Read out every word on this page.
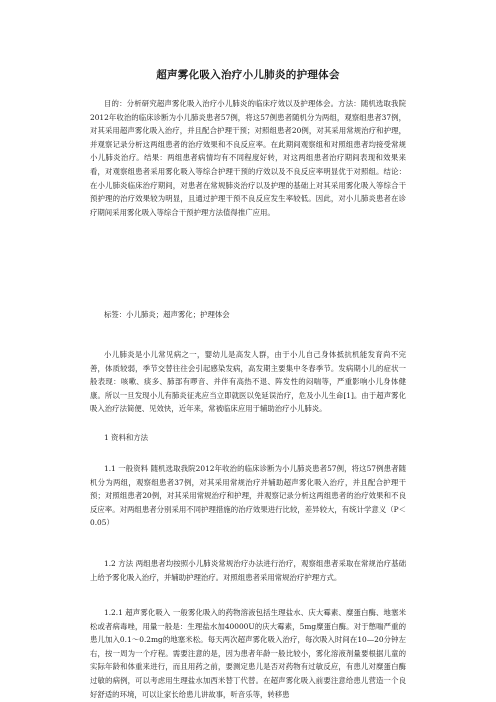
超声雾化吸入治疗小儿肺炎的护理体会

目的：分析研究超声雾化吸入治疗小儿肺炎的临床疗效以及护理体会。方法：随机选取我院2012年收治的临床诊断为小儿肺炎患者57例，将这57例患者随机分为两组，观察组患者37例，对其采用超声雾化吸入治疗，并且配合护理干预；对照组患者20例，对其采用常规治疗和护理，并观察记录分析这两组患者的治疗效果和不良反应率。在此期间观察组和对照组患者均接受常规小儿肺炎治疗。结果：两组患者病情均有不同程度好转，对这两组患者治疗期间表现和效果来看，对观察组患者采用雾化吸入等综合护理干预的疗效以及不良反应率明显优于对照组。结论：在小儿肺炎临床治疗期间，对患者在常规肺炎治疗以及护理的基础上对其采用雾化吸入等综合干预护理的治疗效果较为明显，且通过护理干预不良反应发生率较低。因此，对小儿肺炎患者在诊疗期间采用雾化吸入等综合干预护理方法值得推广应用。

标签：小儿肺炎；超声雾化；护理体会

小儿肺炎是小儿常见病之一，婴幼儿是高发人群，由于小儿自己身体抵抗机能发育尚不完善，体质较弱，季节交替往往会引起感染发病，高发期主要集中冬春季节。发病期小儿的症状一般表现：咳嗽、痰多、肺部有啰音、并伴有高热不退、阵发性的闷喘等，严重影响小儿身体健康。所以一旦发现小儿有肺炎征兆应当立即就医以免延误治疗，危及小儿生命[1]。由于超声雾化吸入治疗法简便、见效快，近年来，常被临床应用于辅助治疗小儿肺炎。

1 资料和方法

1.1 一般资料 随机选取我院2012年收治的临床诊断为小儿肺炎患者57例，将这57例患者随机分为两组，观察组患者37例，对其采用常规治疗并辅助超声雾化吸入治疗，并且配合护理干预；对照组患者20例，对其采用常规治疗和护理，并观察记录分析这两组患者的治疗效果和不良反应率。对两组患者分别采用不同护理措施的治疗效果进行比较，差异较大，有统计学意义（P＜0.05）

1.2 方法 两组患者均按照小儿肺炎常规治疗办法进行治疗，观察组患者采取在常规治疗基础上给予雾化吸入治疗，并辅助护理治疗。对照组患者采用常规治疗护理方式。

1.2.1 超声雾化吸入 一般雾化吸入的药物溶液包括生理盐水、庆大霉素、糜蛋白酶、地塞米松或者病毒唑，用量一般是：生理盐水加40000U的庆大霉素，5mg糜蛋白酶。对于憋喘严重的患儿加入0.1～0.2mg的地塞米松。每天两次超声雾化吸入治疗，每次吸入时间在10—20分钟左右，按一周为一个疗程。需要注意的是，因为患者年龄一般比较小，雾化溶液剂量要根据儿童的实际年龄和体重来进行，而且用药之前，要测定患儿是否对药物有过敏反应，有患儿对糜蛋白酶过敏的病例，可以考虑用生理盐水加西米替丁代替。在超声雾化吸入前要注意给患儿营造一个良好舒适的环境，可以让家长给患儿讲故事，听音乐等，转移患
